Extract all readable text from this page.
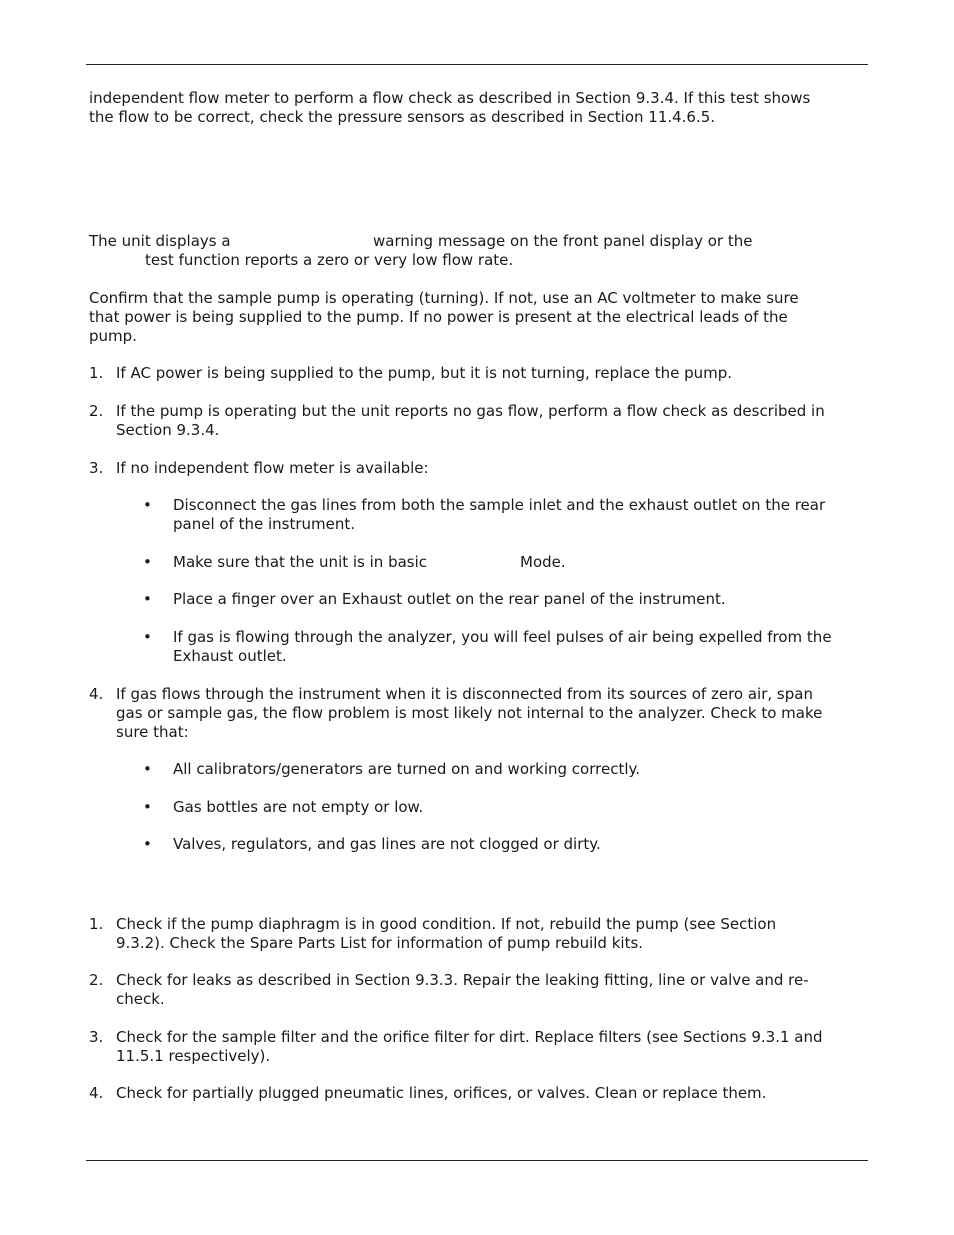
independent flow meter to perform a flow check as described in Section 9.3.4. If this test shows
the flow to be correct, check the pressure sensors as described in Section 11.4.6.5.
The unit displays a	warning message on the front panel display or the
test function reports a zero or very low flow rate.
Confirm that the sample pump is operating (turning). If not, use an AC voltmeter to make sure
that power is being supplied to the pump. If no power is present at the electrical leads of the
pump.
1. If AC power is being supplied to the pump, but it is not turning, replace the pump.
2. If the pump is operating but the unit reports no gas flow, perform a flow check as described in
Section 9.3.4.
3. If no independent flow meter is available:
• Disconnect the gas lines from both the sample inlet and the exhaust outlet on the rear
panel of the instrument.
• Make sure that the unit is in basic	Mode.
• Place a finger over an Exhaust outlet on the rear panel of the instrument.
• If gas is flowing through the analyzer, you will feel pulses of air being expelled from the
Exhaust outlet.
4. If gas flows through the instrument when it is disconnected from its sources of zero air, span
gas or sample gas, the flow problem is most likely not internal to the analyzer. Check to make
sure that:
• All calibrators/generators are turned on and working correctly.
• Gas bottles are not empty or low.
• Valves, regulators, and gas lines are not clogged or dirty.
1. Check if the pump diaphragm is in good condition. If not, rebuild the pump (see Section
9.3.2). Check the Spare Parts List for information of pump rebuild kits.
2. Check for leaks as described in Section 9.3.3. Repair the leaking fitting, line or valve and re-
check.
3. Check for the sample filter and the orifice filter for dirt. Replace filters (see Sections 9.3.1 and
11.5.1 respectively).
4. Check for partially plugged pneumatic lines, orifices, or valves. Clean or replace them.
